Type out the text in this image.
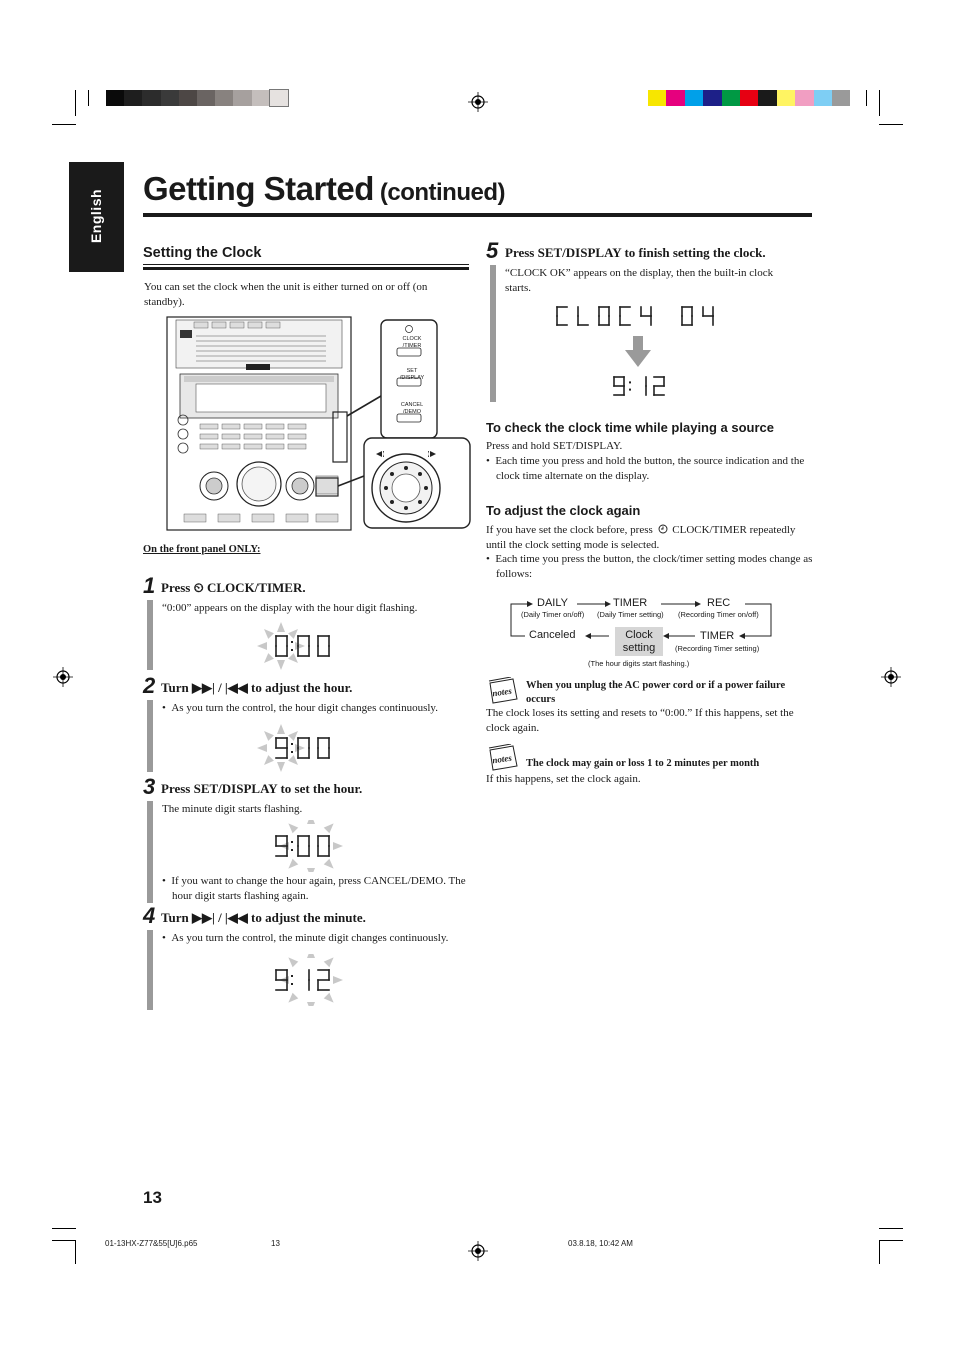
English
Getting Started (continued)
Setting the Clock
You can set the clock when the unit is either turned on or off (on standby).
CLOCK
/TIMER
SET
/DISPLAY
CANCEL
/DEMO
On the front panel ONLY:
1 Press ⏲ CLOCK/TIMER.
“0:00” appears on the display with the hour digit flashing.
2 Turn ▶▶| / |◀◀ to adjust the hour.
•  As you turn the control, the hour digit changes continuously.
3 Press SET/DISPLAY to set the hour.
The minute digit starts flashing.
•  If you want to change the hour again, press CANCEL/DEMO. The hour digit starts flashing again.
4 Turn ▶▶| / |◀◀ to adjust the minute.
•  As you turn the control, the minute digit changes continuously.
5 Press SET/DISPLAY to finish setting the clock.
“CLOCK OK” appears on the display, then the built-in clock starts.
To check the clock time while playing a source
Press and hold SET/DISPLAY.
•  Each time you press and hold the button, the source indication and the clock time alternate on the display.
To adjust the clock again
If you have set the clock before, press CLOCK/TIMER repeatedly until the clock setting mode is selected.
•  Each time you press the button, the clock/timer setting modes change as follows:
DAILY
(Daily Timer on/off)
TIMER
(Daily Timer setting)
REC
(Recording Timer on/off)
Canceled	Clock
setting
TIMER
(Recording Timer setting)
(The hour digits start flashing.)
notes
When you unplug the AC power cord or if a power failure occurs
The clock loses its setting and resets to “0:00.” If this happens, set the clock again.
notes The clock may gain or loss 1 to 2 minutes per month
If this happens, set the clock again.
13
01-13HX-Z77&55[U]6.p65	13	03.8.18, 10:42 AM
